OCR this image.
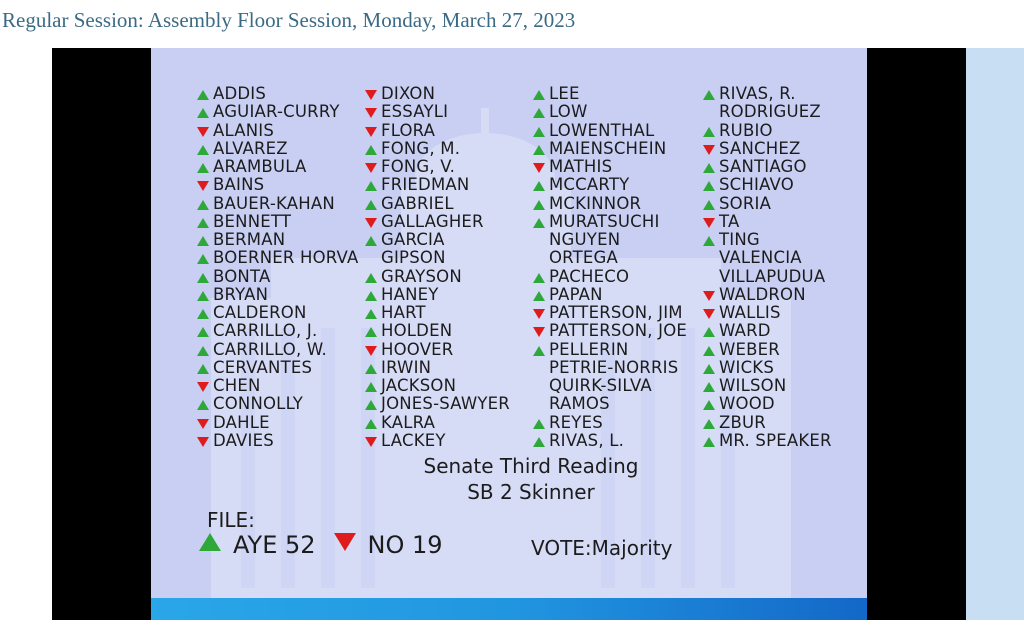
Regular Session: Assembly Floor Session, Monday, March 27, 2023
ADDIS
AGUIAR-CURRY
ALANIS
ALVAREZ
ARAMBULA
BAINS
BAUER-KAHAN
BENNETT
BERMAN
BOERNER HORVA
BONTA
BRYAN
CALDERON
CARRILLO, J.
CARRILLO, W.
CERVANTES
CHEN
CONNOLLY
DAHLE
DAVIES
DIXON
ESSAYLI
FLORA
FONG, M.
FONG, V.
FRIEDMAN
GABRIEL
GALLAGHER
GARCIA
GIPSON
GRAYSON
HANEY
HART
HOLDEN
HOOVER
IRWIN
JACKSON
JONES-SAWYER
KALRA
LACKEY
LEE
LOW
LOWENTHAL
MAIENSCHEIN
MATHIS
MCCARTY
MCKINNOR
MURATSUCHI
NGUYEN
ORTEGA
PACHECO
PAPAN
PATTERSON, JIM
PATTERSON, JOE
PELLERIN
PETRIE-NORRIS
QUIRK-SILVA
RAMOS
REYES
RIVAS, L.
RIVAS, R.
RODRIGUEZ
RUBIO
SANCHEZ
SANTIAGO
SCHIAVO
SORIA
TA
TING
VALENCIA
VILLAPUDUA
WALDRON
WALLIS
WARD
WEBER
WICKS
WILSON
WOOD
ZBUR
MR. SPEAKER
Senate Third Reading
SB 2 Skinner
FILE:
AYE 52 NO 19	VOTE:Majority
